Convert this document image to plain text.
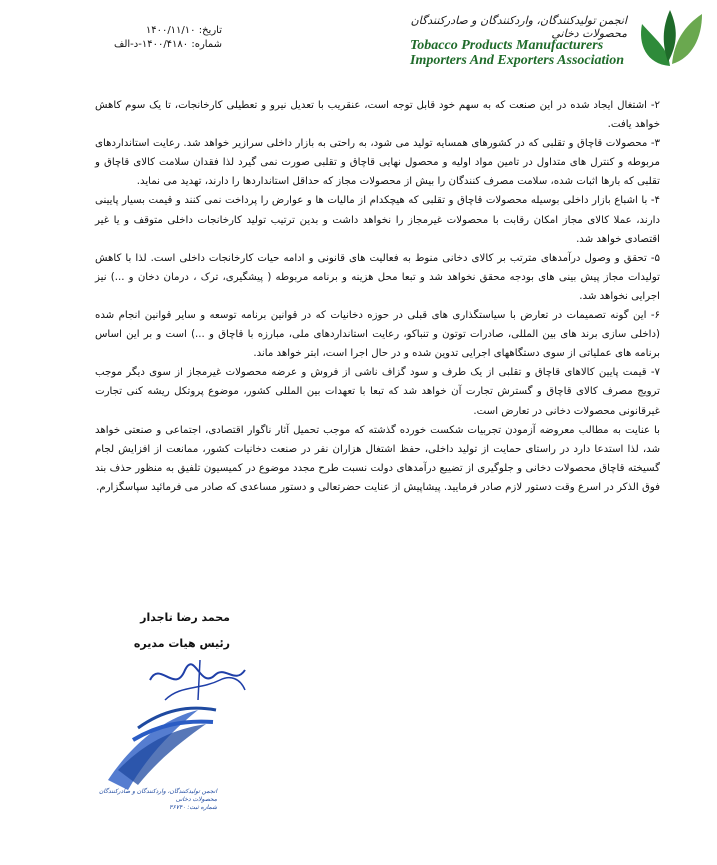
انجمن تولیدکنندگان، واردکنندگان و صادرکنندگان محصولات دخانی
Tobacco Products Manufacturers
Importers And Exporters Association
تاریخ: ۱۴۰۰/۱۱/۱۰
شماره: ۱۴۰۰/۴۱۸۰-د-الف

۲- اشتغال ایجاد شده در این صنعت که به سهم خود قابل توجه است، عنقریب با تعدیل نیرو و تعطیلی کارخانجات، تا یک سوم کاهش خواهد یافت.

۳- محصولات قاچاق و تقلبی که در کشورهای همسایه تولید می شود، به راحتی به بازار داخلی سرازیر خواهد شد. رعایت استانداردهای مربوطه و کنترل های متداول در تامین مواد اولیه و محصول نهایی قاچاق و تقلبی صورت نمی گیرد لذا فقدان سلامت کالای قاچاق و تقلبی که بارها اثبات شده، سلامت مصرف کنندگان را بیش از محصولات مجاز که حداقل استانداردها را دارند، تهدید می نماید.

۴- با اشباع بازار داخلی بوسیله محصولات قاچاق و تقلبی که هیچکدام از مالیات ها و عوارض را پرداخت نمی کنند و قیمت بسیار پایینی دارند، عملا کالای مجاز امکان رقابت با محصولات غیرمجاز را نخواهد داشت و بدین ترتیب تولید کارخانجات داخلی متوقف و یا غیر اقتصادی خواهد شد.

۵- تحقق و وصول درآمدهای مترتب بر کالای دخانی منوط به فعالیت های قانونی و ادامه حیات کارخانجات داخلی است. لذا با کاهش تولیدات مجاز پیش بینی های بودجه محقق نخواهد شد و تبعا محل هزینه و برنامه مربوطه ( پیشگیری، ترک ، درمان دخان و ...) نیز اجرایی نخواهد شد.

۶- این گونه تصمیمات در تعارض با سیاستگذاری های قبلی در حوزه دخانیات که در قوانین برنامه توسعه و سایر قوانین انجام شده (داخلی سازی برند های بین المللی، صادرات توتون و تنباکو، رعایت استانداردهای ملی، مبارزه با قاچاق و ...) است و بر این اساس برنامه های عملیاتی از سوی دستگاههای اجرایی تدوین شده و در حال اجرا است، ابتر خواهد ماند.

۷- قیمت پایین کالاهای قاچاق و تقلبی از یک طرف و سود گزاف ناشی از فروش و عرضه محصولات غیرمجاز از سوی دیگر موجب ترویج مصرف کالای قاچاق و گسترش تجارت آن خواهد شد که تبعا با تعهدات بین المللی کشور، موضوع پروتکل ریشه کنی تجارت غیرقانونی محصولات دخانی در تعارض است.

با عنایت به مطالب معروضه آزمودن تجربیات شکست خورده گذشته که موجب تحمیل آثار ناگوار اقتصادی، اجتماعی و صنعتی خواهد شد، لذا استدعا دارد در راستای حمایت از تولید داخلی، حفظ اشتغال هزاران نفر در صنعت دخانیات کشور، ممانعت از افزایش لجام گسیخته قاچاق محصولات دخانی و جلوگیری از تضییع درآمدهای دولت نسبت طرح مجدد موضوع در کمیسیون تلفیق به منظور حذف بند فوق الذکر در اسرع وقت دستور لازم صادر فرمایید. پیشاپیش از عنایت حضرتعالی و دستور مساعدی که صادر می فرمائید سپاسگزارم.

محمد رضا تاجدار
رئیس هیات مدیره
انجمن تولیدکنندگان، واردکنندگان و صادرکنندگان محصولات دخانی
شماره ثبت: ۳۶۷۴۰
